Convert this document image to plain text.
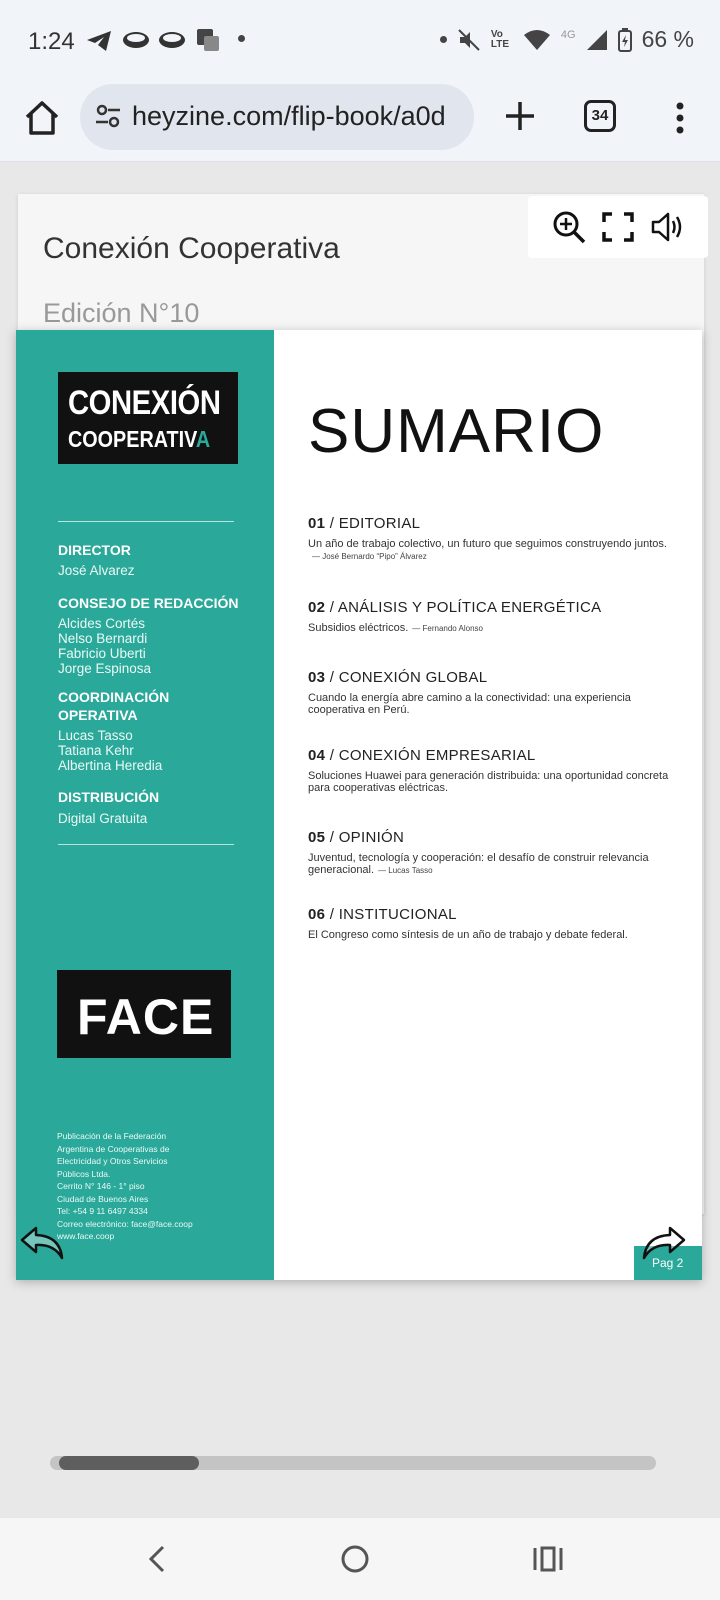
1:24	Vo LTE
4G	66 %
heyzine.com/flip-book/a0d	34
Conexión Cooperativa
Edición N°10
CONEXIÓN
COOPERATIVA
DIRECTOR
José Alvarez
CONSEJO DE REDACCIÓN
Alcides Cortés
Nelso Bernardi
Fabricio Uberti
Jorge Espinosa
COORDINACIÓN
OPERATIVA
Lucas Tasso
Tatiana Kehr
Albertina Heredia
DISTRIBUCIÓN
Digital Gratuita
FACE
Publicación de la Federación
Argentina de Cooperativas de
Electricidad y Otros Servicios
Públicos Ltda.
Cerrito N° 146 - 1° piso
Ciudad de Buenos Aires
Tel: +54 9 11 6497 4334
Correo electrónico: face@face.coop
www.face.coop
SUMARIO
01 / EDITORIAL
Un año de trabajo colectivo, un futuro que seguimos construyendo juntos.— José Bernardo “Pipo” Álvarez
02 / ANÁLISIS Y POLÍTICA ENERGÉTICA
Subsidios eléctricos. — Fernando Alonso
03 / CONEXIÓN GLOBAL
Cuando la energía abre camino a la conectividad: una experiencia cooperativa en Perú.
04 / CONEXIÓN EMPRESARIAL
Soluciones Huawei para generación distribuida: una oportunidad concreta para cooperativas eléctricas.
05 / OPINIÓN
Juventud, tecnología y cooperación: el desafío de construir relevancia generacional. — Lucas Tasso
06 / INSTITUCIONAL
El Congreso como síntesis de un año de trabajo y debate federal.
Pag 2
